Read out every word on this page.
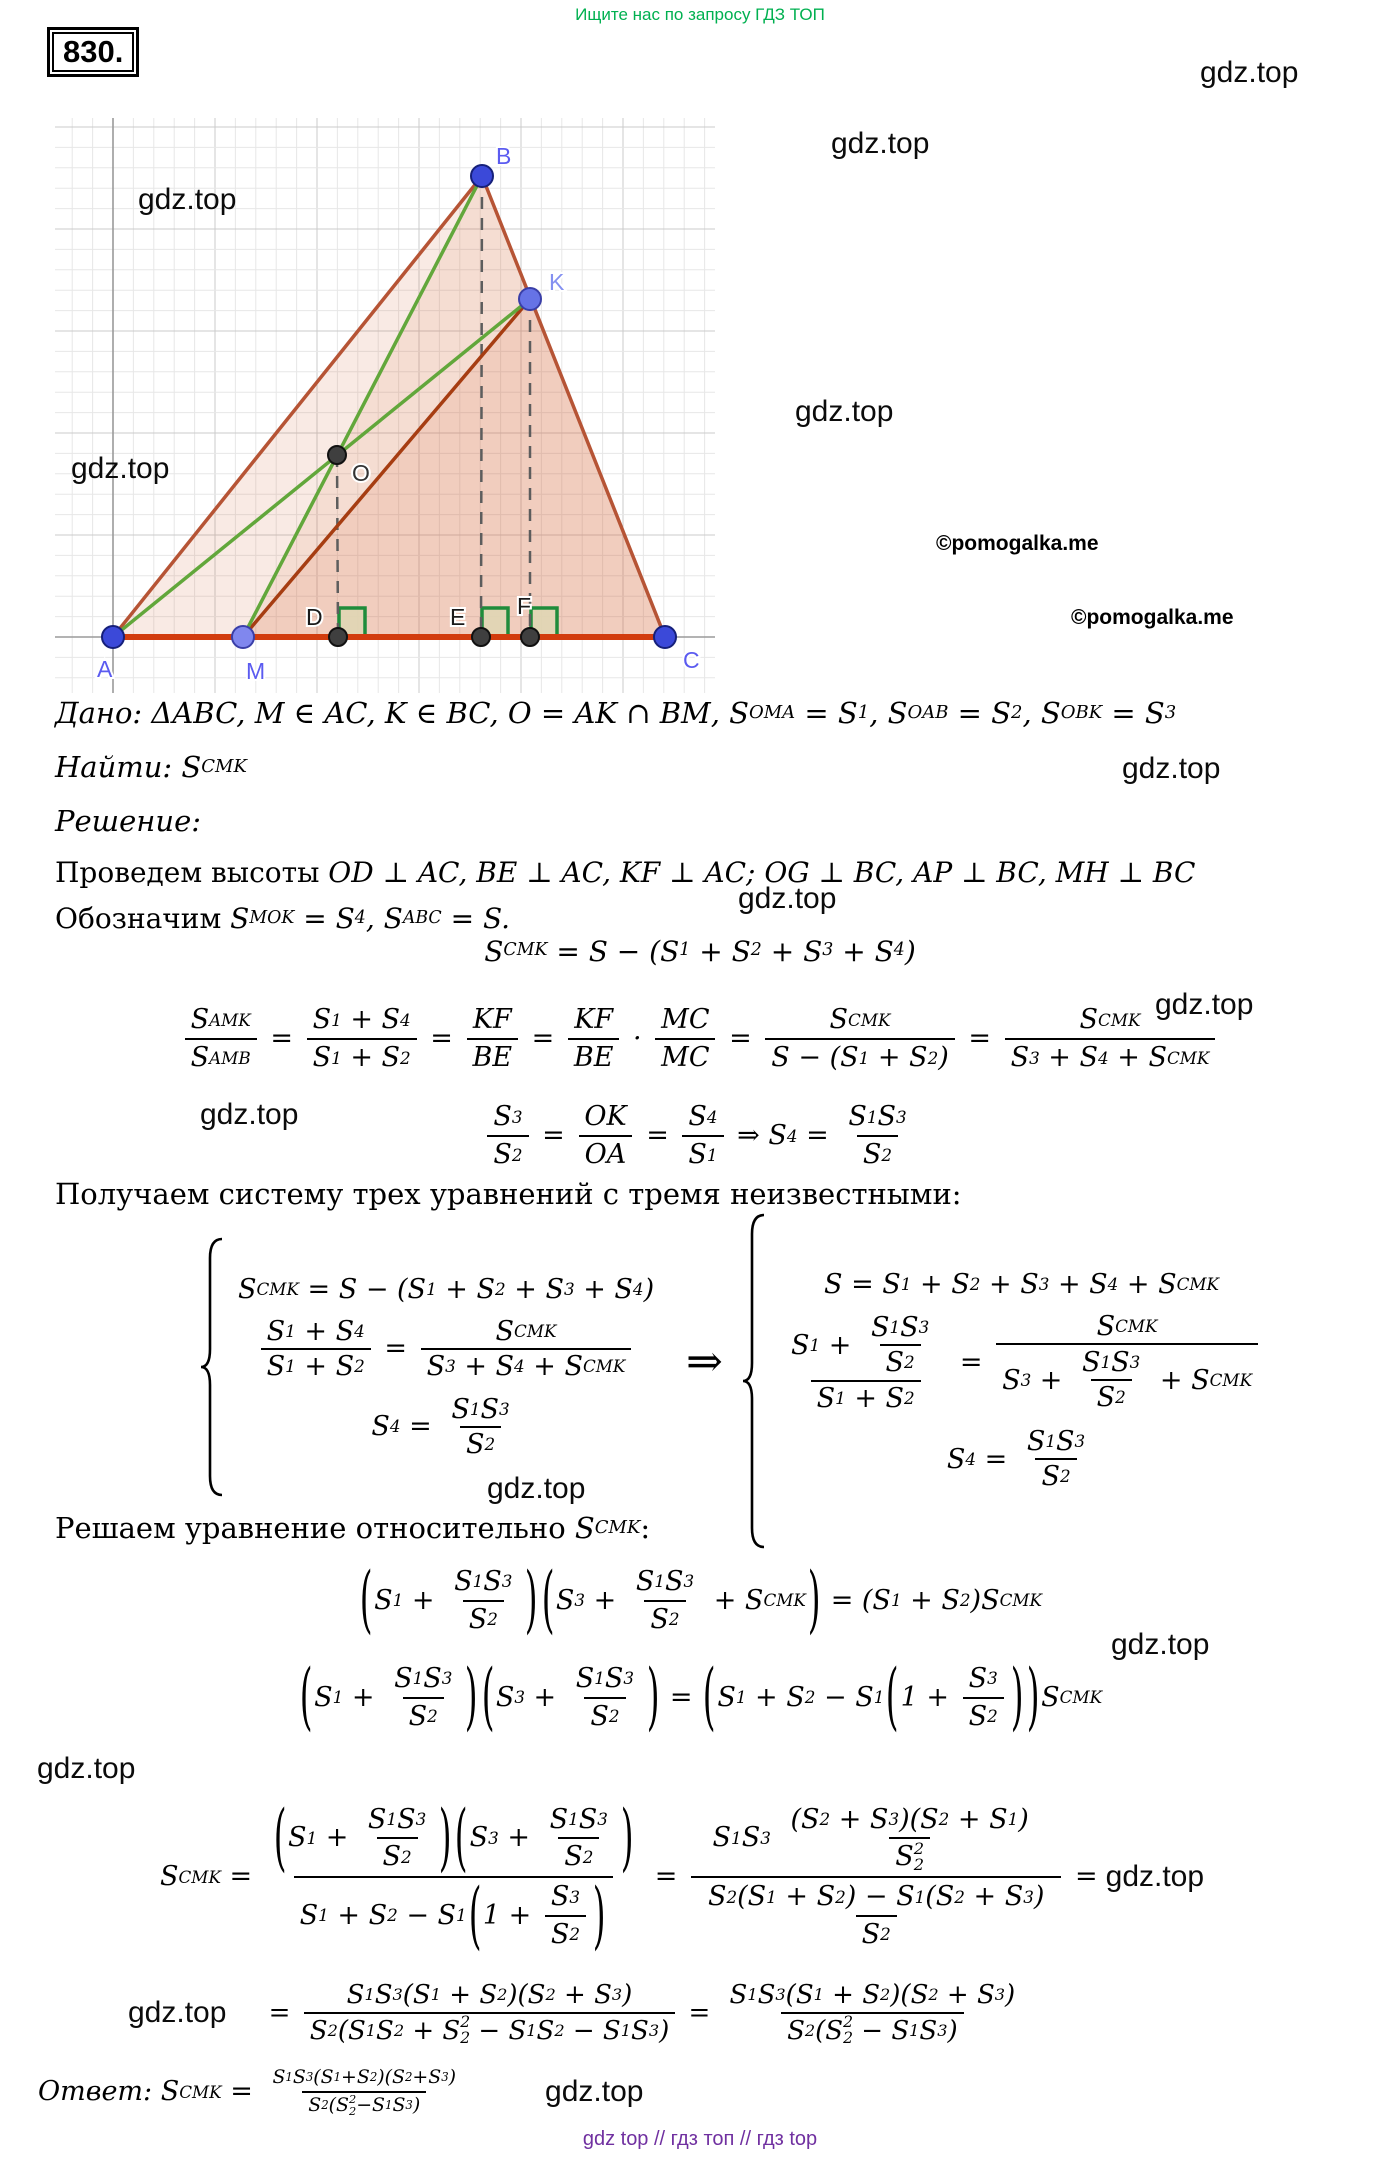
Ищите нас по запросу ГДЗ ТОП
830.
A
B
C
M
K
O
D	E F
gdz.top
gdz.top
gdz.top
gdz.top
gdz.top
gdz.top
gdz.top
gdz.top
gdz.top
gdz.top
gdz.top
gdz.top
©pomogalka.me
©pomogalka.me
Дано: ΔABC, M ∈ AC, K ∈ BC, O = AK ∩ BM, S OMA = S 1 , S OAB = S 2 , S OBK = S 3
Найти: S CMK
Решение:
Проведем высоты OD ⊥ AC, BE ⊥ AC, KF ⊥ AC; OG ⊥ BC, AP ⊥ BC, MH ⊥ BC
Обозначим S MOK = S 4 , S ABC = S.
S CMK = S − (S 1 + S 2 + S 3 + S 4 )
$\frac{\text{S AMK}}{\text{S AMB}} = \frac{S 1 + S 4}{S 1 + S 2} = \frac{KF}{BE} = \frac{KF}{BE} \cdot \frac{MC}{MC} = \frac{\text{S CMK}}{S - (S 1 + S 2 )} = \frac{\text{S CMK}}{\text{S 3 + S 4 + S CMK}}$
$\frac{S 3}{S 2} = \frac{OK}{OA} = \frac{S 4}{S 1}$ ⇒ S $4 = \frac{S 1 S 3}{S 2}$
Получаем систему трех уравнений с тремя неизвестными:
S CMK = S − (S 1 + S 2 + S 3 + S 4 )
$\frac{S 1 + S 4}{S 1 + S 2} = \frac{\text{S CMK}}{\text{S 3 + S 4 + S CMK}}$
S $4 = \frac{S 1 S 3}{S 2}$
⇒
S = S 1 + S 2 + S 3 + S 4 + S CMK
$\frac{S 1 + \frac{S 1 S 3}{S 2}}{S 1 + S 2} = \frac{\text{S CMK}}{S 3 + \frac{S 1 S 3}{S 2} + S CMK}$
S $4 = \frac{S 1 S 3}{S 2}$
Решаем уравнение относительно S CMK :
( S $1 + \frac{S 1 S 3}{S 2}$ ) ( S $3 + \frac{S 1 S 3}{S 2} + S$ CMK ) = (S 1 + S 2 )S CMK
( S $1 + \frac{S 1 S 3}{S 2}$ ) ( S $3 + \frac{S 1 S 3}{S 2}$ ) = ( S 1 + S 2 − S 1 ( $1 + \frac{S 3}{S 2}$ ) ) S CMK
S CMK = $\frac{( S 1 + \frac{S 1 S 3}{S 2} ) ( S 3 + \frac{S 1 S 3}{S 2} )}{S 1 + S 2 - S 1 ( 1 + \frac{S 3}{S 2} )} = S$ 1 S 3
(S 2 + S 3 )(S 2 + S 1 )
S 2
2
$\frac{S 2 (S 1 + S 2 ) - S 1 (S 2 + S 3 )}{S 2} = gdz.top$
gdz.top = S 1 S 3 (S 1 + S 2 )(S 2 + S 3 )
S 2 (S 1 S 2 + S 2
2 − S 1 S 2 − S 1 S 3 ) = S 1 S 3 (S 1 + S 2 )(S 2 + S 3 )
S 2 (S 2
2 − S 1 S 3 )
Ответ: S CMK = S 1 S 3 (S 1 +S 2 )(S 2 +S 3 )
S 2 (S 2
2 −S 1 S 3 )	gdz.top
gdz top // гдз топ // гдз top
